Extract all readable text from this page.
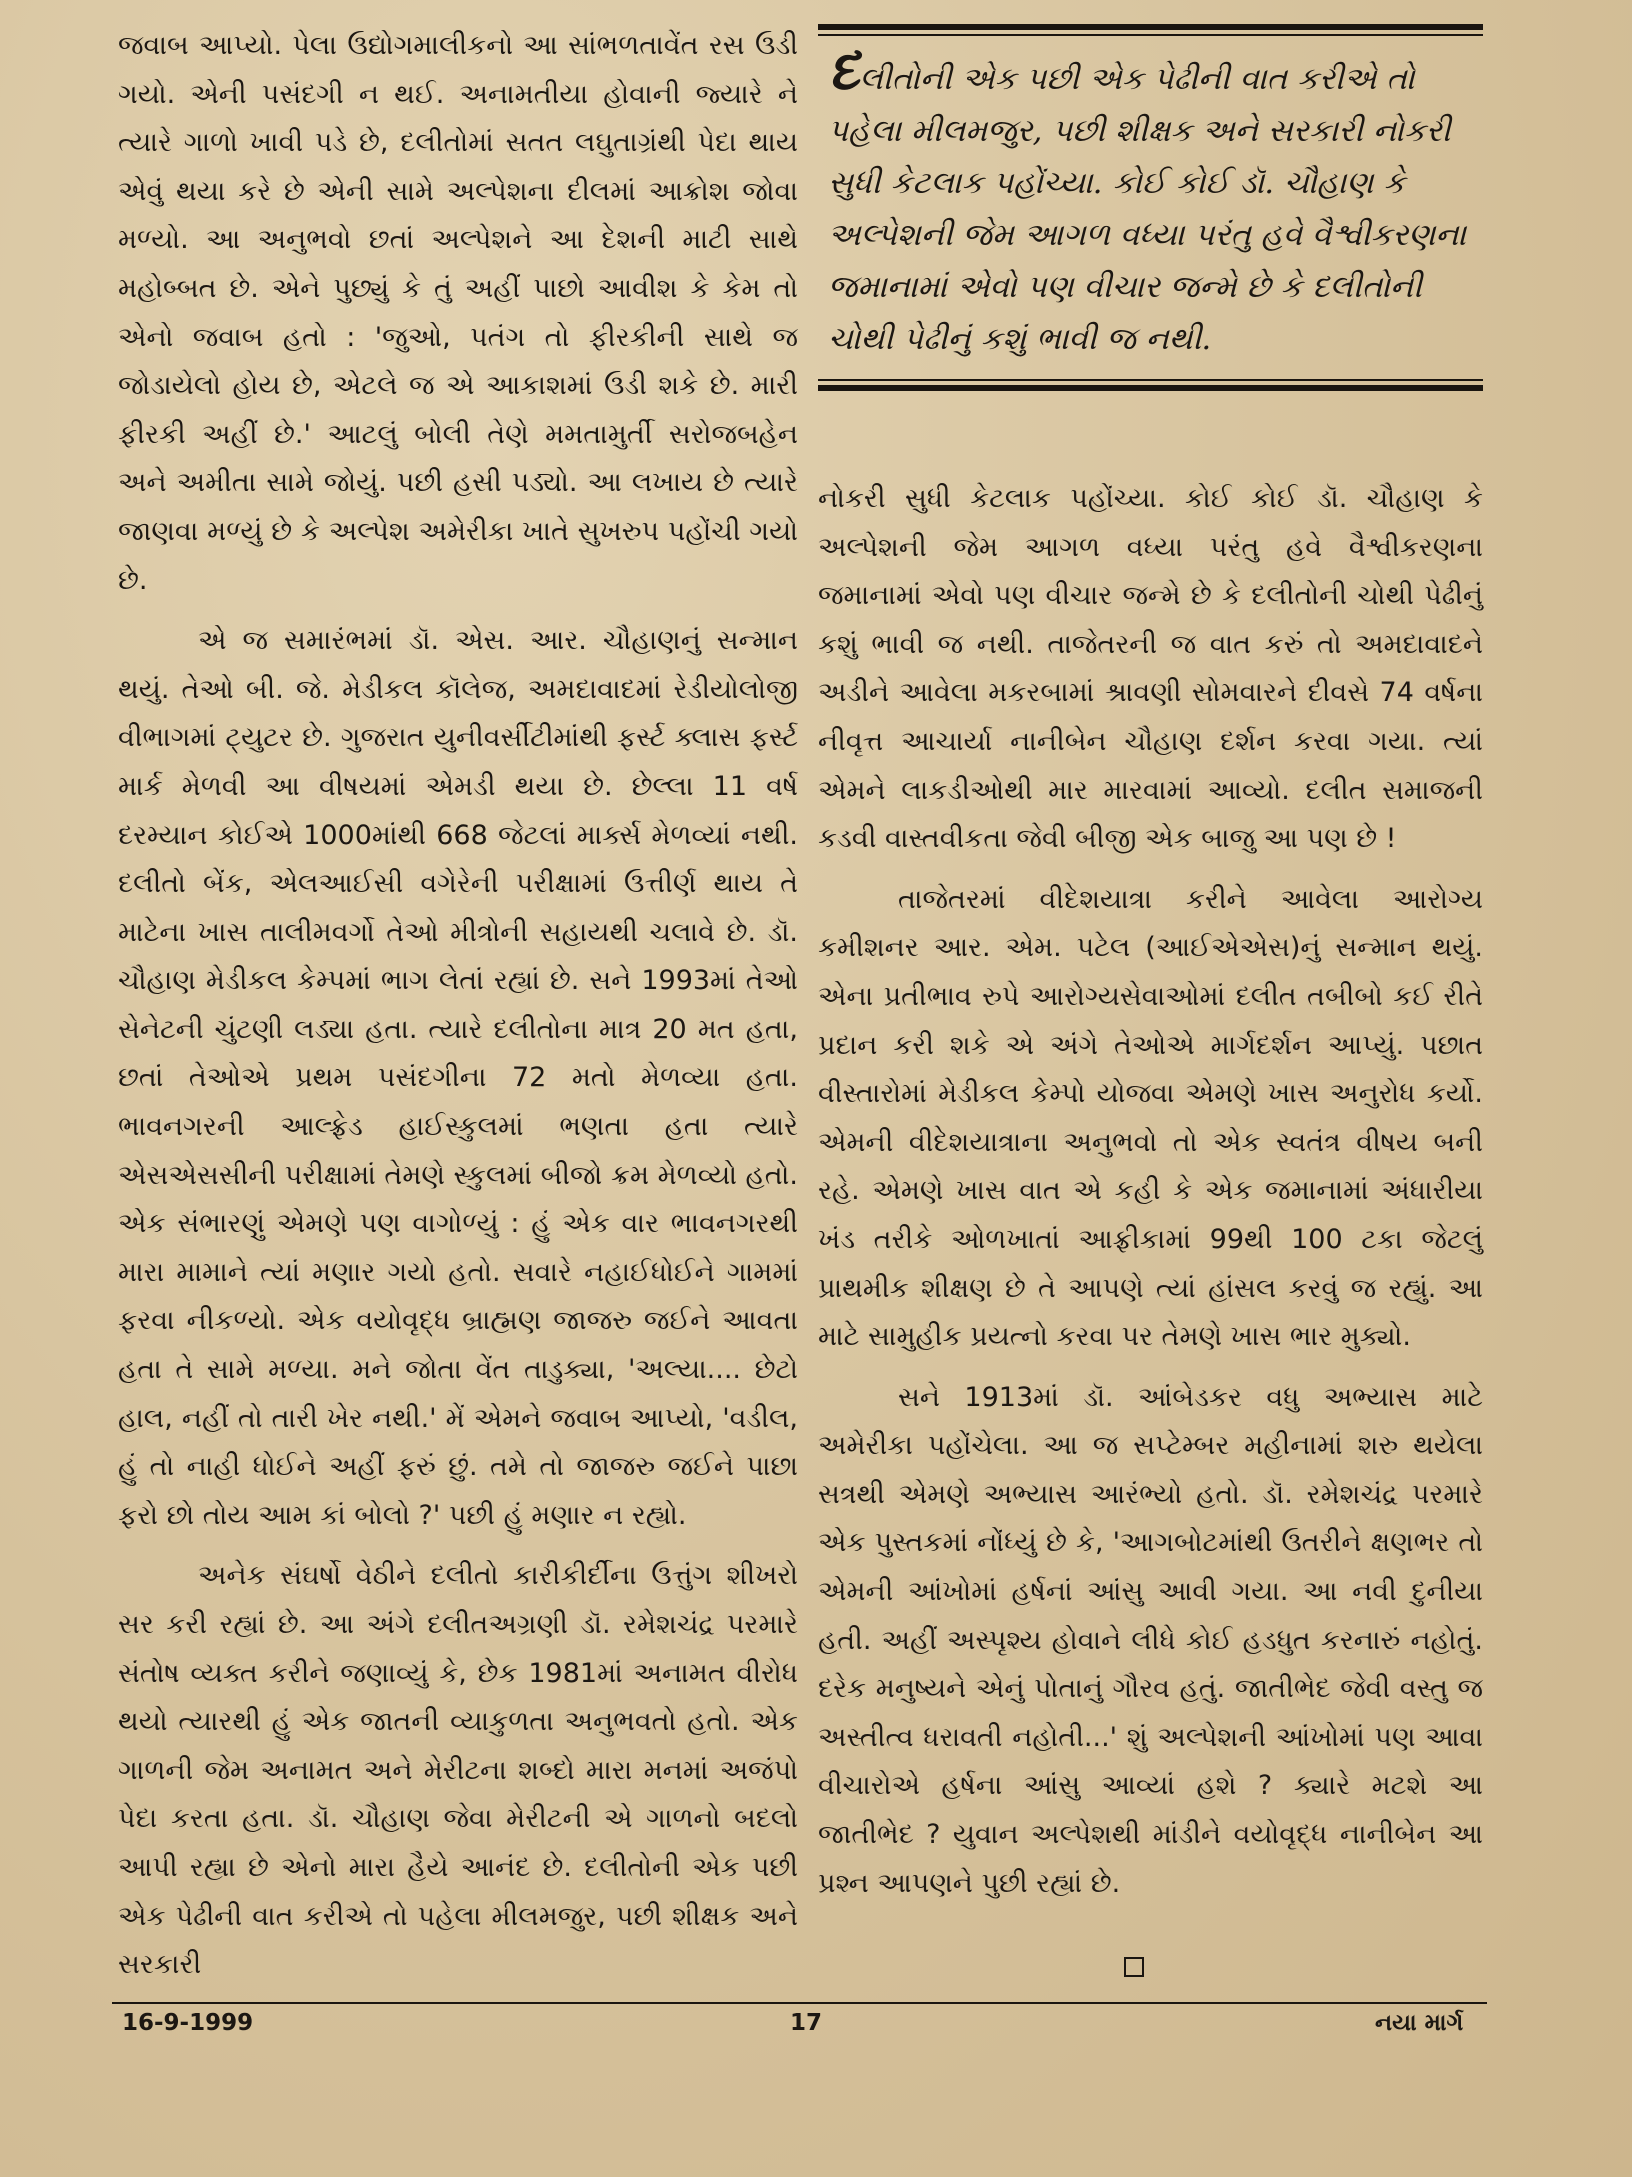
જવાબ આપ્યો. પેલા ઉદ્યોગમાલીકનો આ સાંભળતાવેંત રસ ઉડી ગયો. એની પસંદગી ન થઈ. અનામતીયા હોવાની જ્યારે ને ત્યારે ગાળો ખાવી પડે છે, દલીતોમાં સતત લઘુતાગ્રંથી પેદા થાય એવું થયા કરે છે એની સામે અલ્પેશના દીલમાં આક્રોશ જોવા મળ્યો. આ અનુભવો છતાં અલ્પેશને આ દેશની માટી સાથે મહોબ્બત છે. એને પુછ્યું કે તું અહીં પાછો આવીશ કે કેમ તો એનો જવાબ હતો : 'જુઓ, પતંગ તો ફીરકીની સાથે જ જોડાયેલો હોય છે, એટલે જ એ આકાશમાં ઉડી શકે છે. મારી ફીરકી અહીં છે.' આટલું બોલી તેણે મમતામુર્તી સરોજબહેન અને અમીતા સામે જોયું. પછી હસી પડ્યો. આ લખાય છે ત્યારે જાણવા મળ્યું છે કે અલ્પેશ અમેરીકા ખાતે સુખરુપ પહોંચી ગયો છે.

એ જ સમારંભમાં ડૉ. એસ. આર. ચૌહાણનું સન્માન થયું. તેઓ બી. જે. મેડીકલ કૉલેજ, અમદાવાદમાં રેડીયોલોજી વીભાગમાં ટ્યુટર છે. ગુજરાત યુનીવર્સીટીમાંથી ફર્સ્ટ ક્લાસ ફર્સ્ટ માર્ક મેળવી આ વીષયમાં એમડી થયા છે. છેલ્લા 11 વર્ષ દરમ્યાન કોઈએ 1000માંથી 668 જેટલાં માર્ક્સ મેળવ્યાં નથી. દલીતો બેંક, એલઆઈસી વગેરેની પરીક્ષામાં ઉત્તીર્ણ થાય તે માટેના ખાસ તાલીમવર્ગો તેઓ મીત્રોની સહાયથી ચલાવે છે. ડૉ. ચૌહાણ મેડીકલ કેમ્પમાં ભાગ લેતાં રહ્યાં છે. સને 1993માં તેઓ સેનેટની ચુંટણી લડ્યા હતા. ત્યારે દલીતોના માત્ર 20 મત હતા, છતાં તેઓએ પ્રથમ પસંદગીના 72 મતો મેળવ્યા હતા. ભાવનગરની આલ્ફ્રેડ હાઈસ્કુલમાં ભણતા હતા ત્યારે એસએસસીની પરીક્ષામાં તેમણે સ્કુલમાં બીજો ક્રમ મેળવ્યો હતો. એક સંભારણું એમણે પણ વાગોળ્યું : હું એક વાર ભાવનગરથી મારા મામાને ત્યાં મણાર ગયો હતો. સવારે નહાઈધોઈને ગામમાં ફરવા નીકળ્યો. એક વયોવૃદ્ધ બ્રાહ્મણ જાજરુ જઈને આવતા હતા તે સામે મળ્યા. મને જોતા વેંત તાડુક્યા, 'અલ્યા.... છેટો હાલ, નહીં તો તારી ખેર નથી.' મેં એમને જવાબ આપ્યો, 'વડીલ, હું તો નાહી ધોઈને અહીં ફરું છું. તમે તો જાજરુ જઈને પાછા ફરો છો તોય આમ કાં બોલો ?' પછી હું મણાર ન રહ્યો.

અનેક સંઘર્ષો વેઠીને દલીતો કારીકીર્દીના ઉત્તુંગ શીખરો સર કરી રહ્યાં છે. આ અંગે દલીતઅગ્રણી ડૉ. રમેશચંદ્ર પરમારે સંતોષ વ્યક્ત કરીને જણાવ્યું કે, છેક 1981માં અનામત વીરોધ થયો ત્યારથી હું એક જાતની વ્યાકુળતા અનુભવતો હતો. એક ગાળની જેમ અનામત અને મેરીટના શબ્દો મારા મનમાં અજંપો પેદા કરતા હતા. ડૉ. ચૌહાણ જેવા મેરીટની એ ગાળનો બદલો આપી રહ્યા છે એનો મારા હૈયે આનંદ છે. દલીતોની એક પછી એક પેઢીની વાત કરીએ તો પહેલા મીલમજુર, પછી શીક્ષક અને સરકારી

દલીતોની એક પછી એક પેઢીની વાત કરીએ તો પહેલા મીલમજુર, પછી શીક્ષક અને સરકારી નોકરી સુધી કેટલાક પહોંચ્યા. કોઈ કોઈ ડૉ. ચૌહાણ કે અલ્પેશની જેમ આગળ વધ્યા પરંતુ હવે વૈશ્વીકરણના જમાનામાં એવો પણ વીચાર જન્મે છે કે દલીતોની ચોથી પેઢીનું કશું ભાવી જ નથી.

નોકરી સુધી કેટલાક પહોંચ્યા. કોઈ કોઈ ડૉ. ચૌહાણ કે અલ્પેશની જેમ આગળ વધ્યા પરંતુ હવે વૈશ્વીકરણના જમાનામાં એવો પણ વીચાર જન્મે છે કે દલીતોની ચોથી પેઢીનું કશું ભાવી જ નથી. તાજેતરની જ વાત કરું તો અમદાવાદને અડીને આવેલા મકરબામાં શ્રાવણી સોમવારને દીવસે 74 વર્ષના નીવૃત્ત આચાર્યા નાનીબેન ચૌહાણ દર્શન કરવા ગયા. ત્યાં એમને લાકડીઓથી માર મારવામાં આવ્યો. દલીત સમાજની કડવી વાસ્તવીકતા જેવી બીજી એક બાજુ આ પણ છે !

તાજેતરમાં વીદેશયાત્રા કરીને આવેલા આરોગ્ય કમીશનર આર. એમ. પટેલ (આઈએએસ)નું સન્માન થયું. એના પ્રતીભાવ રુપે આરોગ્યસેવાઓમાં દલીત તબીબો કઈ રીતે પ્રદાન કરી શકે એ અંગે તેઓએ માર્ગદર્શન આપ્યું. પછાત વીસ્તારોમાં મેડીકલ કેમ્પો યોજવા એમણે ખાસ અનુરોધ કર્યો. એમની વીદેશયાત્રાના અનુભવો તો એક સ્વતંત્ર વીષય બની રહે. એમણે ખાસ વાત એ કહી કે એક જમાનામાં અંધારીયા ખંડ તરીકે ઓળખાતાં આફ્રીકામાં 99થી 100 ટકા જેટલું પ્રાથમીક શીક્ષણ છે તે આપણે ત્યાં હાંસલ કરવું જ રહ્યું. આ માટે સામુહીક પ્રયત્નો કરવા પર તેમણે ખાસ ભાર મુક્યો.

સને 1913માં ડૉ. આંબેડકર વધુ અભ્યાસ માટે અમેરીકા પહોંચેલા. આ જ સપ્ટેમ્બર મહીનામાં શરુ થયેલા સત્રથી એમણે અભ્યાસ આરંભ્યો હતો. ડૉ. રમેશચંદ્ર પરમારે એક પુસ્તકમાં નોંધ્યું છે કે, 'આગબોટમાંથી ઉતરીને ક્ષણભર તો એમની આંખોમાં હર્ષનાં આંસુ આવી ગયા. આ નવી દુનીયા હતી. અહીં અસ્પૃશ્ય હોવાને લીધે કોઈ હડધુત કરનારું નહોતું. દરેક મનુષ્યને એનું પોતાનું ગૌરવ હતું. જાતીભેદ જેવી વસ્તુ જ અસ્તીત્વ ધરાવતી નહોતી...' શું અલ્પેશની આંખોમાં પણ આવા વીચારોએ હર્ષના આંસુ આવ્યાં હશે ? ક્યારે મટશે આ જાતીભેદ ? યુવાન અલ્પેશથી માંડીને વયોવૃદ્ધ નાનીબેન આ પ્રશ્ન આપણને પુછી રહ્યાં છે.

16-9-1999	17	નયા માર્ગ
